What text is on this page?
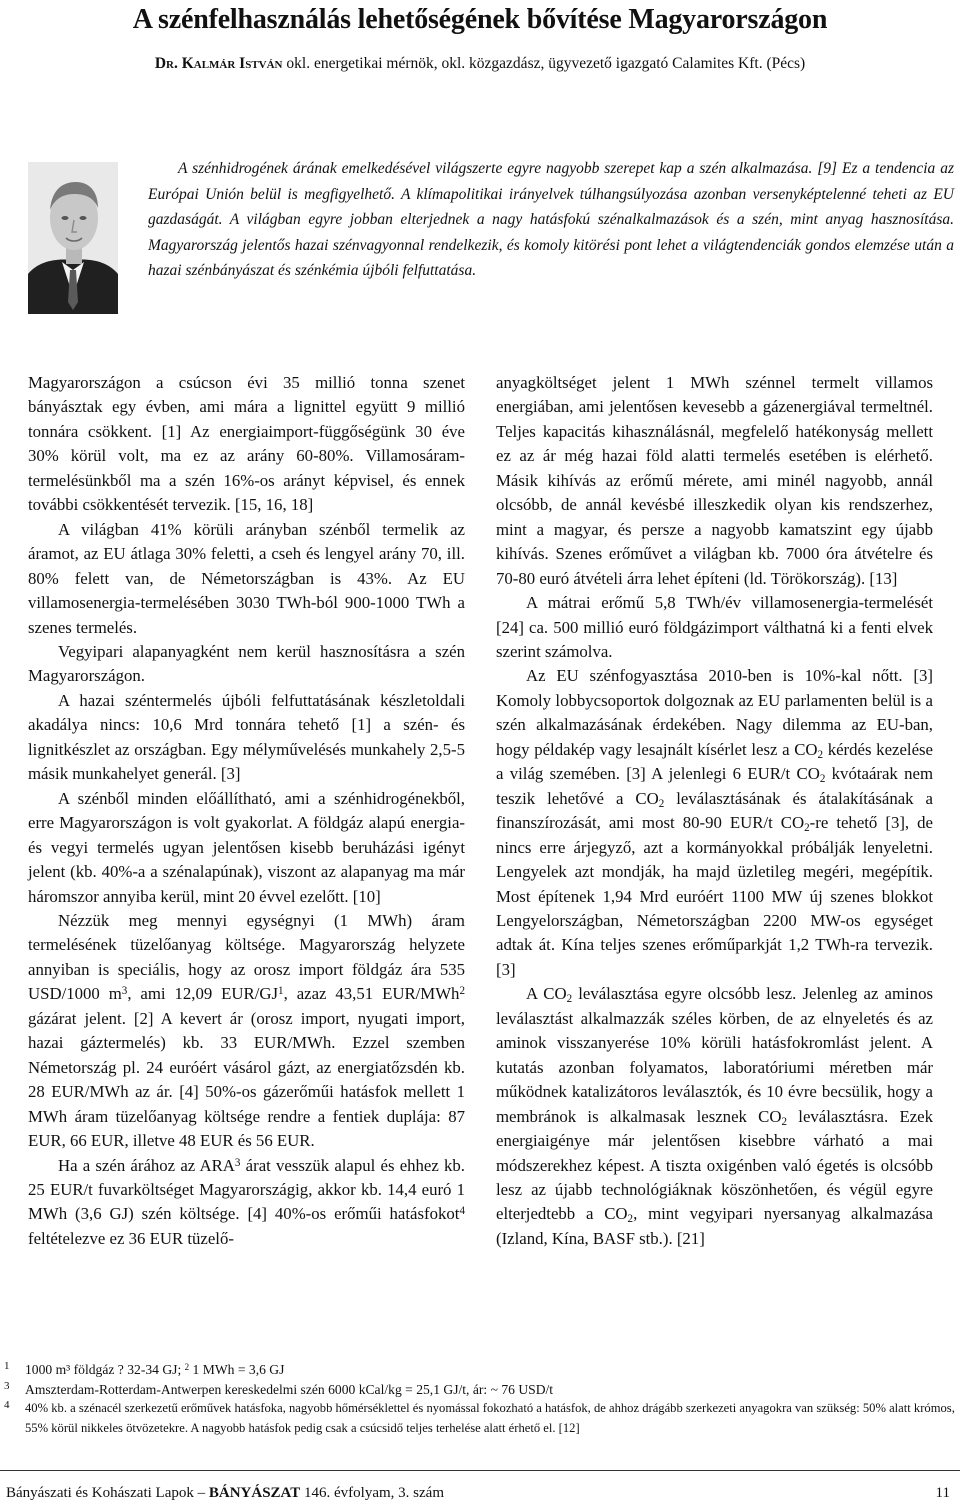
A szénfelhasználás lehetőségének bővítése Magyarországon
Dr. Kalmár István okl. energetikai mérnök, okl. közgazdász, ügyvezető igazgató Calamites Kft. (Pécs)

A szénhidrogének árának emelkedésével világszerte egyre nagyobb szerepet kap a szén alkalmazása. [9] Ez a tendencia az Európai Unión belül is megfigyelhető. A klímapolitikai irányelvek túlhangsúlyozása azonban versenyképtelenné teheti az EU gazdaságát. A világban egyre jobban elterjednek a nagy hatásfokú szénalkalmazások és a szén, mint anyag hasznosítása. Magyarország jelentős hazai szénvagyonnal rendelkezik, és komoly kitörési pont lehet a világtendenciák gondos elemzése után a hazai szénbányászat és szénkémia újbóli felfuttatása.

Magyarországon a csúcson évi 35 millió tonna szenet bányásztak egy évben, ami mára a lignittel együtt 9 millió tonnára csökkent. [1] Az energiaimport-függőségünk 30 éve 30% körül volt, ma ez az arány 60-80%. Villamosáram-termelésünkből ma a szén 16%-os arányt képvisel, és ennek további csökkentését tervezik. [15, 16, 18]

A világban 41% körüli arányban szénből termelik az áramot, az EU átlaga 30% feletti, a cseh és lengyel arány 70, ill. 80% felett van, de Németországban is 43%. Az EU villamosenergia-termelésében 3030 TWh-ból 900-1000 TWh a szenes termelés.

Vegyipari alapanyagként nem kerül hasznosításra a szén Magyarországon.

A hazai széntermelés újbóli felfuttatásának készletoldali akadálya nincs: 10,6 Mrd tonnára tehető [1] a szén- és lignitkészlet az országban. Egy mélyművelésés munkahely 2,5-5 másik munkahelyet generál. [3]

A szénből minden előállítható, ami a szénhidrogénekből, erre Magyarországon is volt gyakorlat. A földgáz alapú energia- és vegyi termelés ugyan jelentősen kisebb beruházási igényt jelent (kb. 40%-a a szénalapúnak), viszont az alapanyag ma már háromszor annyiba kerül, mint 20 évvel ezelőtt. [10]

Nézzük meg mennyi egységnyi (1 MWh) áram termelésének tüzelőanyag költsége. Magyarország helyzete annyiban is speciális, hogy az orosz import földgáz ára 535 USD/1000 $m^3$, ami 12,09 EUR/$GJ^1$, azaz 43,51 EUR/MWh$^2$ gázárat jelent. [2] A kevert ár (orosz import, nyugati import, hazai gáztermelés) kb. 33 EUR/MWh. Ezzel szemben Németország pl. 24 euróért vásárol gázt, az energiatőzsdén kb. 28 EUR/MWh az ár. [4] 50%-os gázerőműi hatásfok mellett 1 MWh áram tüzelőanyag költsége rendre a fentiek duplája: 87 EUR, 66 EUR, illetve 48 EUR és 56 EUR.

Ha a szén árához az ARA$^3$ árat vesszük alapul és ehhez kb. 25 EUR/t fuvarköltséget Magyarországig, akkor kb. 14,4 euró 1 MWh (3,6 GJ) szén költsége. [4] 40%-os erőműi hatásfokot$^4$ feltételezve ez 36 EUR tüzelő-

anyagköltséget jelent 1 MWh szénnel termelt villamos energiában, ami jelentősen kevesebb a gázenergiával termeltnél. Teljes kapacitás kihasználásnál, megfelelő hatékonyság mellett ez az ár még hazai föld alatti termelés esetében is elérhető. Másik kihívás az erőmű mérete, ami minél nagyobb, annál olcsóbb, de annál kevésbé illeszkedik olyan kis rendszerhez, mint a magyar, és persze a nagyobb kamatszint egy újabb kihívás. Szenes erőművet a világban kb. 7000 óra átvételre és 70-80 euró átvételi árra lehet építeni (ld. Törökország). [13]

A mátrai erőmű 5,8 TWh/év villamosenergia-termelését [24] ca. 500 millió euró földgázimport válthatná ki a fenti elvek szerint számolva.

Az EU szénfogyasztása 2010-ben is 10%-kal nőtt. [3] Komoly lobbycsoportok dolgoznak az EU parlamenten belül is a szén alkalmazásának érdekében. Nagy dilemma az EU-ban, hogy példakép vagy lesajnált kísérlet lesz a $CO_2$ kérdés kezelése a világ szemében. [3] A jelenlegi 6 EUR/t $CO_2$ kvótaárak nem teszik lehetővé a $CO_2$ leválasztásának és átalakításának a finanszírozását, ami most 80-90 EUR/t $CO_2-re$ tehető [3], de nincs erre árjegyző, azt a kormányokkal próbálják lenyeletni. Lengyelek azt mondják, ha majd üzletileg megéri, megépítik. Most építenek 1,94 Mrd euróért 1100 MW új szenes blokkot Lengyelországban, Németországban 2200 MW-os egységet adtak át. Kína teljes szenes erőműparkját 1,2 TWh-ra tervezik. [3]

A $CO_2$ leválasztása egyre olcsóbb lesz. Jelenleg az aminos leválasztást alkalmazzák széles körben, de az elnyeletés és az aminok visszanyerése 10% körüli hatásfokromlást jelent. A kutatás azonban folyamatos, laboratóriumi méretben már működnek katalizátoros leválasztók, és 10 évre becsülik, hogy a membránok is alkalmasak lesznek $CO_2$ leválasztásra. Ezek energiaigénye már jelentősen kisebbre várható a mai módszerekhez képest. A tiszta oxigénben való égetés is olcsóbb lesz az újabb technológiáknak köszönhetően, és végül egyre elterjedtebb a $CO_2$, mint vegyipari nyersanyag alkalmazása (Izland, Kína, BASF stb.). [21]

1 1000 m³ földgáz ? 32-34 GJ; $^2$ 1 MWh = 3,6 GJ
3 Amszterdam-Rotterdam-Antwerpen kereskedelmi szén 6000 kCal/kg = 25,1 GJ/t, ár: ~ 76 USD/t
4 40% kb. a szénacél szerkezetű erőművek hatásfoka, nagyobb hőmérséklettel és nyomással fokozható a hatásfok, de ahhoz drágább szerkezeti anyagokra van szükség: 50% alatt krómos, 55% körül nikkeles ötvözetekre. A nagyobb hatásfok pedig csak a csúcsidő teljes terhelése alatt érhető el. [12]
Bányászati és Kohászati Lapok – BÁNYÁSZAT 146. évfolyam, 3. szám	11
